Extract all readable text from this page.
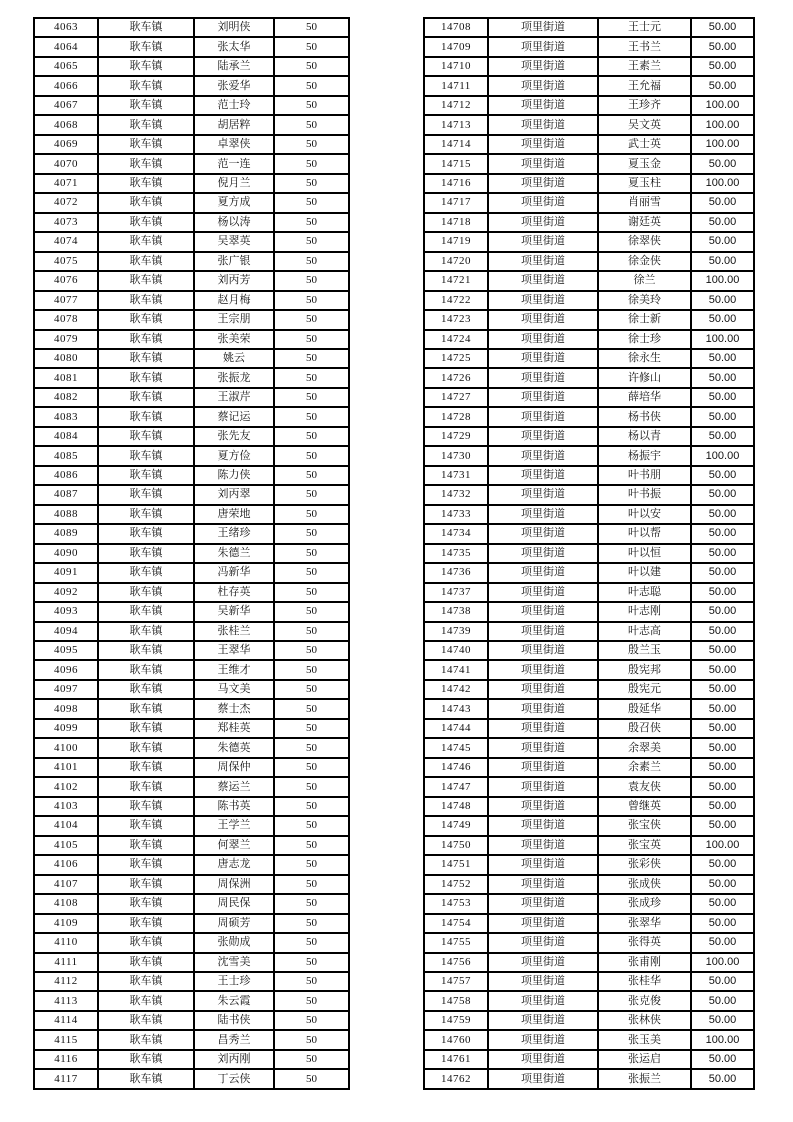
4063	耿车镇	刘明侠	50
4064	耿车镇	张太华	50
4065	耿车镇	陆承兰	50
4066	耿车镇	张爱华	50
4067	耿车镇	范士玲	50
4068	耿车镇	胡居粹	50
4069	耿车镇	卓翠侠	50
4070	耿车镇	范一连	50
4071	耿车镇	倪月兰	50
4072	耿车镇	夏方成	50
4073	耿车镇	杨以涛	50
4074	耿车镇	吴翠英	50
4075	耿车镇	张广银	50
4076	耿车镇	刘丙芳	50
4077	耿车镇	赵月梅	50
4078	耿车镇	王宗朋	50
4079	耿车镇	张美荣	50
4080	耿车镇	姚云	50
4081	耿车镇	张振龙	50
4082	耿车镇	王淑芹	50
4083	耿车镇	蔡记运	50
4084	耿车镇	张先友	50
4085	耿车镇	夏方俭	50
4086	耿车镇	陈力侠	50
4087	耿车镇	刘丙翠	50
4088	耿车镇	唐荣地	50
4089	耿车镇	王绪珍	50
4090	耿车镇	朱德兰	50
4091	耿车镇	冯新华	50
4092	耿车镇	杜存英	50
4093	耿车镇	吴新华	50
4094	耿车镇	张桂兰	50
4095	耿车镇	王翠华	50
4096	耿车镇	王维才	50
4097	耿车镇	马文美	50
4098	耿车镇	蔡士杰	50
4099	耿车镇	郑桂英	50
4100	耿车镇	朱德英	50
4101	耿车镇	周保仲	50
4102	耿车镇	蔡运兰	50
4103	耿车镇	陈书英	50
4104	耿车镇	王学兰	50
4105	耿车镇	何翠兰	50
4106	耿车镇	唐志龙	50
4107	耿车镇	周保洲	50
4108	耿车镇	周民保	50
4109	耿车镇	周硕芳	50
4110	耿车镇	张勋成	50
4111	耿车镇	沈雪美	50
4112	耿车镇	王士珍	50
4113	耿车镇	朱云霞	50
4114	耿车镇	陆书侠	50
4115	耿车镇	昌秀兰	50
4116	耿车镇	刘丙刚	50
4117	耿车镇	丁云侠	50
14708	项里街道	王士元	50.00
14709	项里街道	王书兰	50.00
14710	项里街道	王素兰	50.00
14711	项里街道	王允福	50.00
14712	项里街道	王珍齐	100.00
14713	项里街道	吴文英	100.00
14714	项里街道	武士英	100.00
14715	项里街道	夏玉金	50.00
14716	项里街道	夏玉柱	100.00
14717	项里街道	肖丽雪	50.00
14718	项里街道	谢廷英	50.00
14719	项里街道	徐翠侠	50.00
14720	项里街道	徐金侠	50.00
14721	项里街道	徐兰	100.00
14722	项里街道	徐美玲	50.00
14723	项里街道	徐士新	50.00
14724	项里街道	徐士珍	100.00
14725	项里街道	徐永生	50.00
14726	项里街道	许修山	50.00
14727	项里街道	薛培华	50.00
14728	项里街道	杨书侠	50.00
14729	项里街道	杨以青	50.00
14730	项里街道	杨振宇	100.00
14731	项里街道	叶书朋	50.00
14732	项里街道	叶书振	50.00
14733	项里街道	叶以安	50.00
14734	项里街道	叶以帮	50.00
14735	项里街道	叶以恒	50.00
14736	项里街道	叶以建	50.00
14737	项里街道	叶志聪	50.00
14738	项里街道	叶志刚	50.00
14739	项里街道	叶志高	50.00
14740	项里街道	殷兰玉	50.00
14741	项里街道	殷宪邦	50.00
14742	项里街道	殷宪元	50.00
14743	项里街道	殷延华	50.00
14744	项里街道	殷召侠	50.00
14745	项里街道	余翠美	50.00
14746	项里街道	余素兰	50.00
14747	项里街道	袁友侠	50.00
14748	项里街道	曾继英	50.00
14749	项里街道	张宝侠	50.00
14750	项里街道	张宝英	100.00
14751	项里街道	张彩侠	50.00
14752	项里街道	张成侠	50.00
14753	项里街道	张成珍	50.00
14754	项里街道	张翠华	50.00
14755	项里街道	张得英	50.00
14756	项里街道	张甫刚	100.00
14757	项里街道	张桂华	50.00
14758	项里街道	张克俊	50.00
14759	项里街道	张林侠	50.00
14760	项里街道	张玉美	100.00
14761	项里街道	张运启	50.00
14762	项里街道	张振兰	50.00
